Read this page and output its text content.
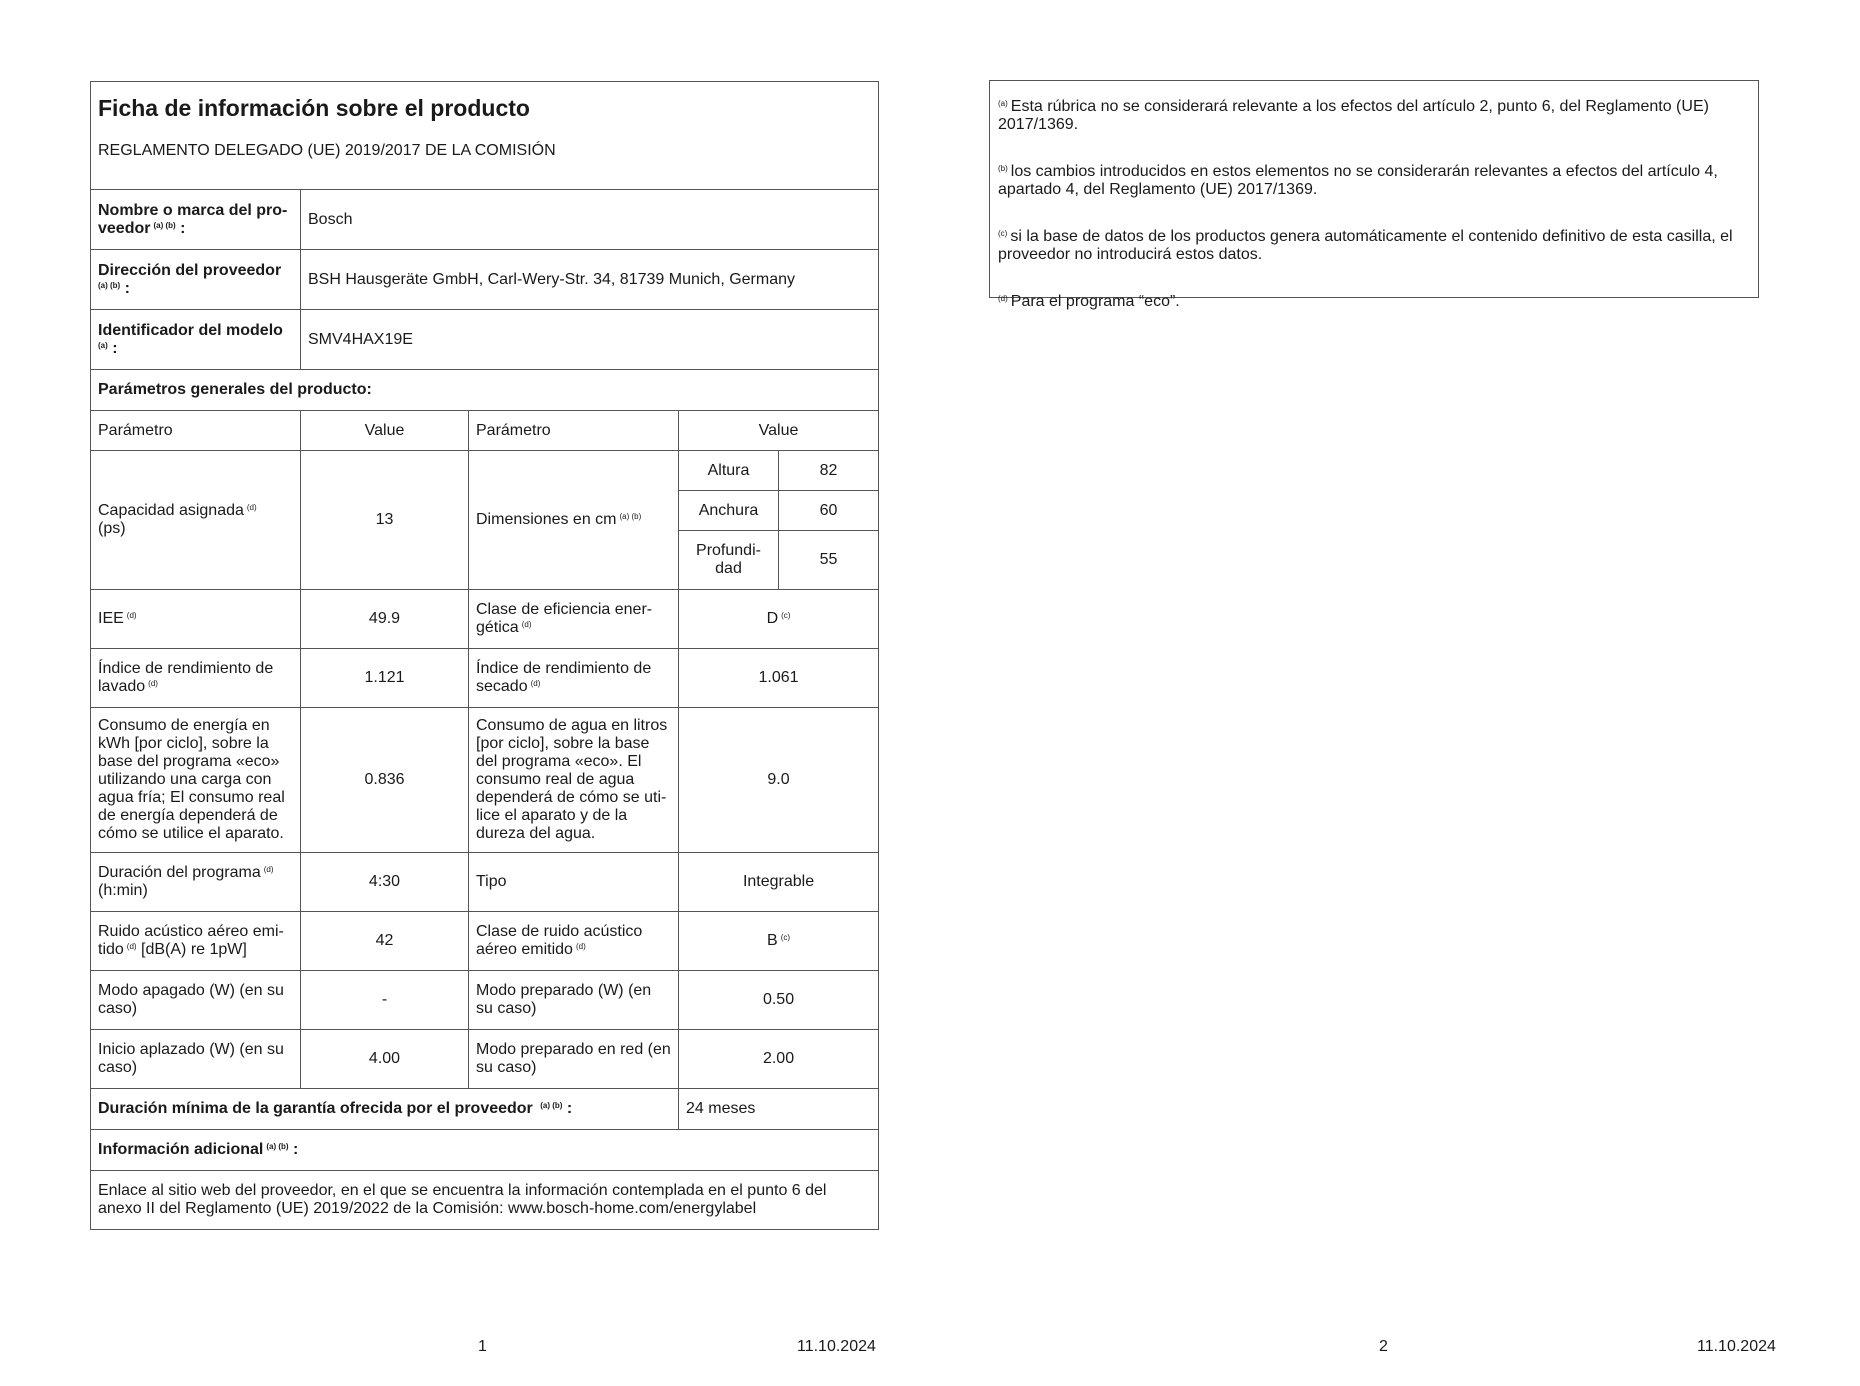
Ficha de información sobre el producto
REGLAMENTO DELEGADO (UE) 2019/2017 DE LA COMISIÓN				

Nombre o marca del proveedor $^{(a) (b)}$ :	Bosch			
Dirección del proveedor
$^{(a) (b)}$ :	BSH Hausgeräte GmbH, Carl-Wery-Str. 34, 81739 Munich, Germany			
Identificador del modelo
$^{(a)}$ :	SMV4HAX19E			
Parámetros generales del producto:				
Parámetro	Value	Parámetro	Value	
Capacidad asignada $^{(d)}$
(ps)	13	Dimensiones en cm $^{(a) (b)}$	Altura	82
			Anchura	60
			Profundi-dad	55
IEE $^{(d)}$	49.9	Clase de eficiencia ener-gética $^{(d)}$	D $^{(c)}$
Índice de rendimiento de lavado $^{(d)}$	1.121	Índice de rendimiento de secado $^{(d)}$	1.061	
Consumo de energía en kWh [por ciclo], sobre la base del programa «eco» utilizando una carga con agua fría; El consumo real de energía dependerá de cómo se utilice el aparato.	0.836	Consumo de agua en litros [por ciclo], sobre la base del programa «eco». El consumo real de agua dependerá de cómo se uti-lice el aparato y de la dureza del agua.	9.0	
Duración del programa $^{(d)}$
(h:min)	4:30	Tipo	Integrable	

Ruido acústico aéreo emi-
tido $^{(d)}$ [dB(A) re 1pW]	42	Clase de ruido acústico
aéreo emitido $^{(d)}$	B $^{(c)}$
Modo apagado (W) (en su caso)	-	Modo preparado (W) (en su caso)	0.50	
Inicio aplazado (W) (en su caso)	4.00	Modo preparado en red (en su caso)	2.00	
Duración mínima de la garantía ofrecida por el proveedor $^{(a) (b)}$ :			24 meses	
Información adicional $^{(a) (b)}$ :				

Enlace al sitio web del proveedor, en el que se encuentra la información contemplada en el punto 6 del
anexo II del Reglamento (UE) 2019/2022 de la Comisión: www.bosch-home.com/energylabel				
1	11.10.2024

$^{(a)}$ Esta rúbrica no se considerará relevante a los efectos del artículo 2, punto 6, del Reglamento (UE) 2017/1369.

$^{(b)}$ los cambios introducidos en estos elementos no se considerarán relevantes a efectos del artículo 4, apartado 4, del Reglamento (UE) 2017/1369.

$^{(c)}$ si la base de datos de los productos genera automáticamente el contenido definitivo de esta casilla, el proveedor no introducirá estos datos.

$^{(d)}$ Para el programa “eco”.

2	11.10.2024
